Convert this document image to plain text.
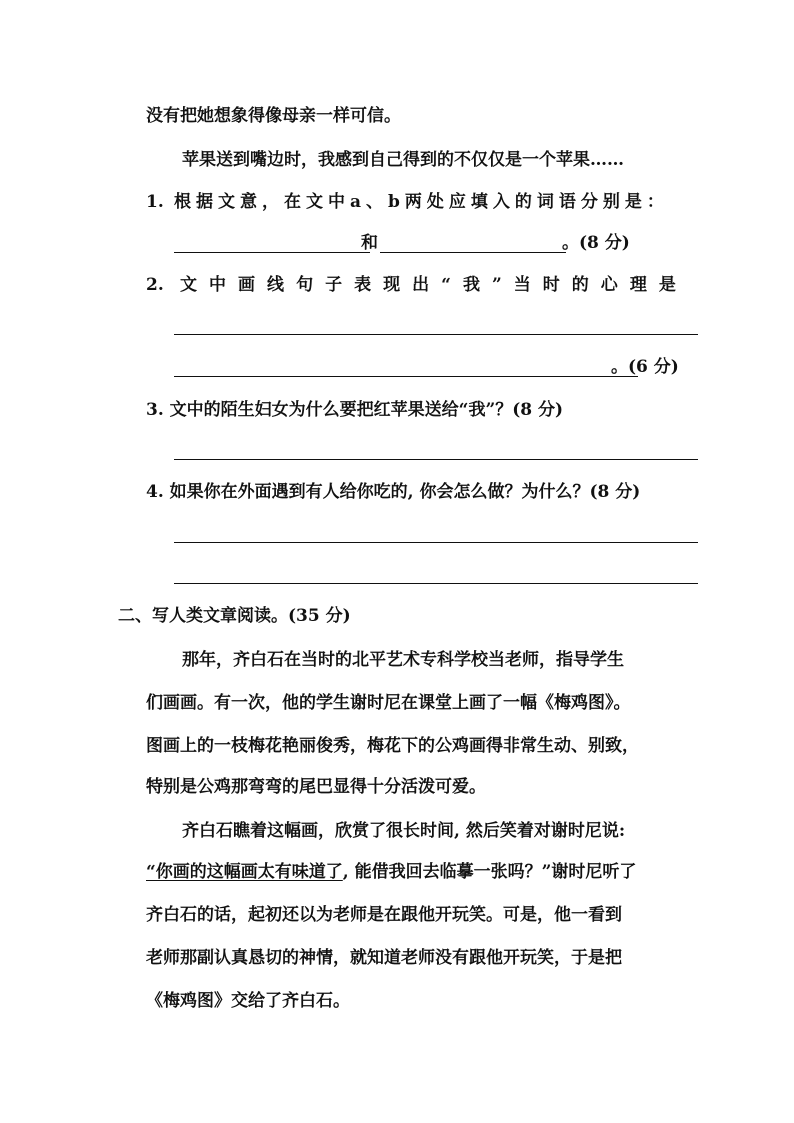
没有把她想象得像母亲一样可信。
苹果送到嘴边时，我感到自己得到的不仅仅是一个苹果……
1. 根 据 文 意 ， 在 文 中 a 、 b 两 处 应 填 入 的 词 语 分 别 是 ：
和	。(8 分)
2. 文 中 画 线 句 子 表 现 出 “ 我 ” 当 时 的 心 理 是
。(6 分)
3. 文中的陌生妇女为什么要把红苹果送给“我”？(8 分)
4. 如果你在外面遇到有人给你吃的, 你会怎么做？为什么？(8 分)
二、写人类文章阅读。(35 分)
那年，齐白石在当时的北平艺术专科学校当老师，指导学生
们画画。有一次，他的学生谢时尼在课堂上画了一幅《梅鸡图》。
图画上的一枝梅花艳丽俊秀，梅花下的公鸡画得非常生动、别致，
特别是公鸡那弯弯的尾巴显得十分活泼可爱。
齐白石瞧着这幅画，欣赏了很长时间, 然后笑着对谢时尼说:
“你画的这幅画太有味道了, 能借我回去临摹一张吗？”谢时尼听了
齐白石的话，起初还以为老师是在跟他开玩笑。可是，他一看到
老师那副认真恳切的神情，就知道老师没有跟他开玩笑，于是把
《梅鸡图》交给了齐白石。
